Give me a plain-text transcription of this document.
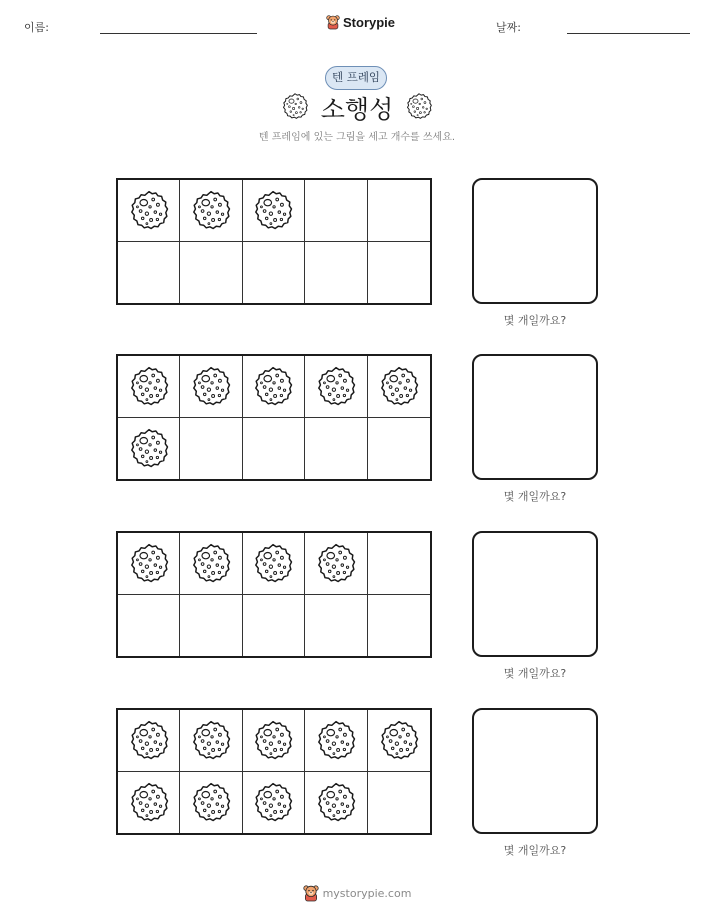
이름:	날짜:
Storypie
텐 프레임
소행성
텐 프레임에 있는 그림을 세고 개수를 쓰세요.
몇 개일까요?
몇 개일까요?
몇 개일까요?
몇 개일까요?
mystorypie.com
